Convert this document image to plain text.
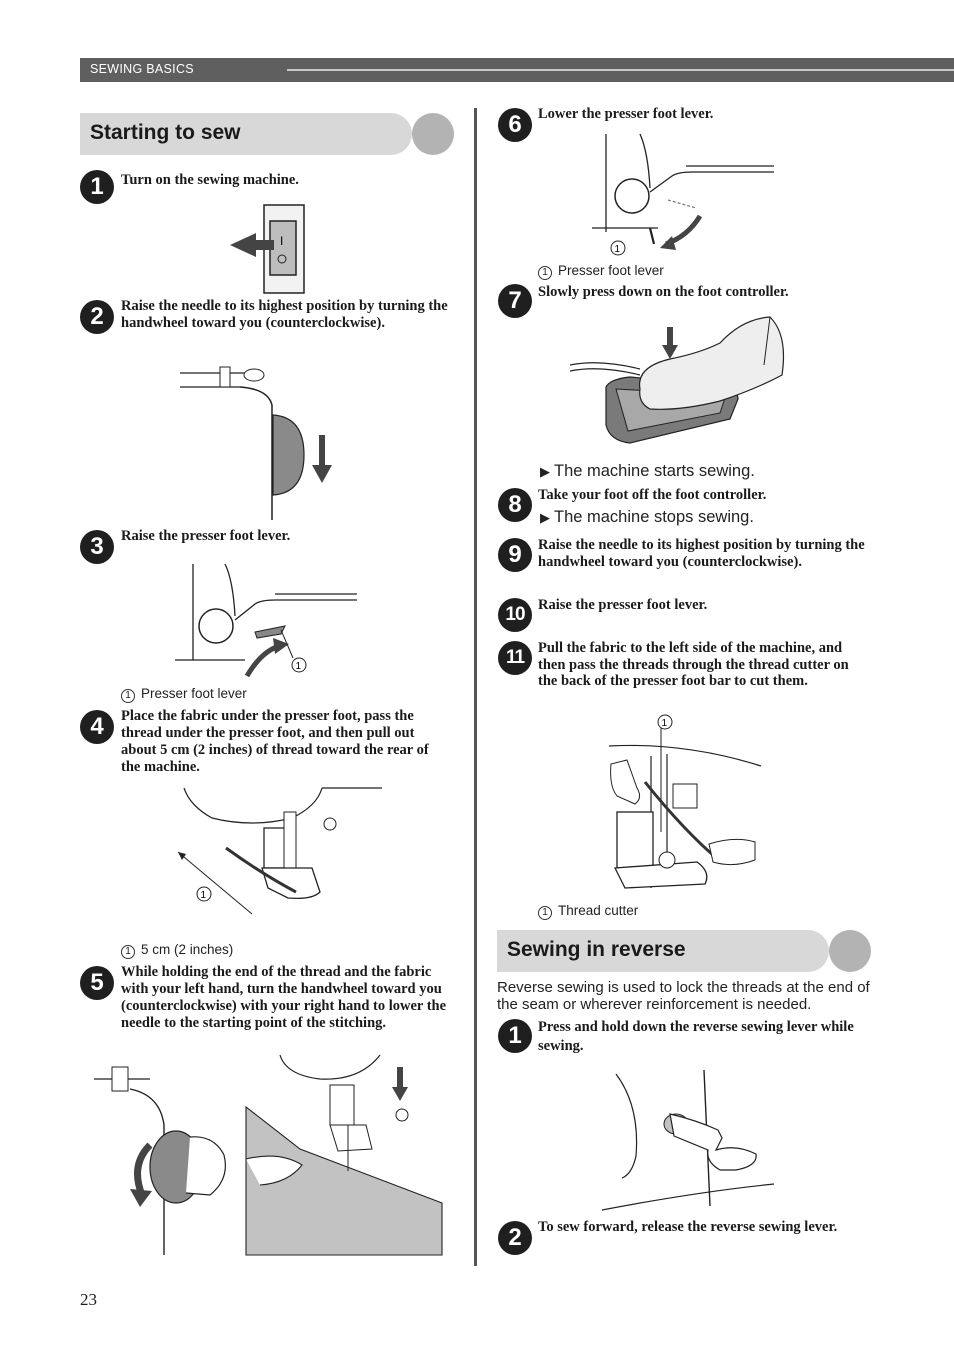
SEWING BASICS
Starting to sew
1	Turn on the sewing machine.
I
2	Raise the needle to its highest position by turning the handwheel toward you (counterclockwise).
3	Raise the presser foot lever.
1
1 Presser foot lever
4	Place the fabric under the presser foot, pass the thread under the presser foot, and then pull out about 5 cm (2 inches) of thread toward the rear of the machine.
1
1 5 cm (2 inches)
5	While holding the end of the thread and the fabric with your left hand, turn the handwheel toward you (counterclockwise) with your right hand to lower the needle to the starting point of the stitching.
23
6	Lower the presser foot lever.
1
1 Presser foot lever
7	Slowly press down on the foot controller.
▶ The machine starts sewing.
8	Take your foot off the foot controller.
▶ The machine stops sewing.
9	Raise the needle to its highest position by turning the handwheel toward you (counterclockwise).
10 Raise the presser foot lever.
11 Pull the fabric to the left side of the machine, and then pass the threads through the thread cutter on the back of the presser foot bar to cut them.
1
1 Thread cutter
Sewing in reverse
Reverse sewing is used to lock the threads at the end of the seam or wherever reinforcement is needed.
1	Press and hold down the reverse sewing lever while sewing.
2	To sew forward, release the reverse sewing lever.
